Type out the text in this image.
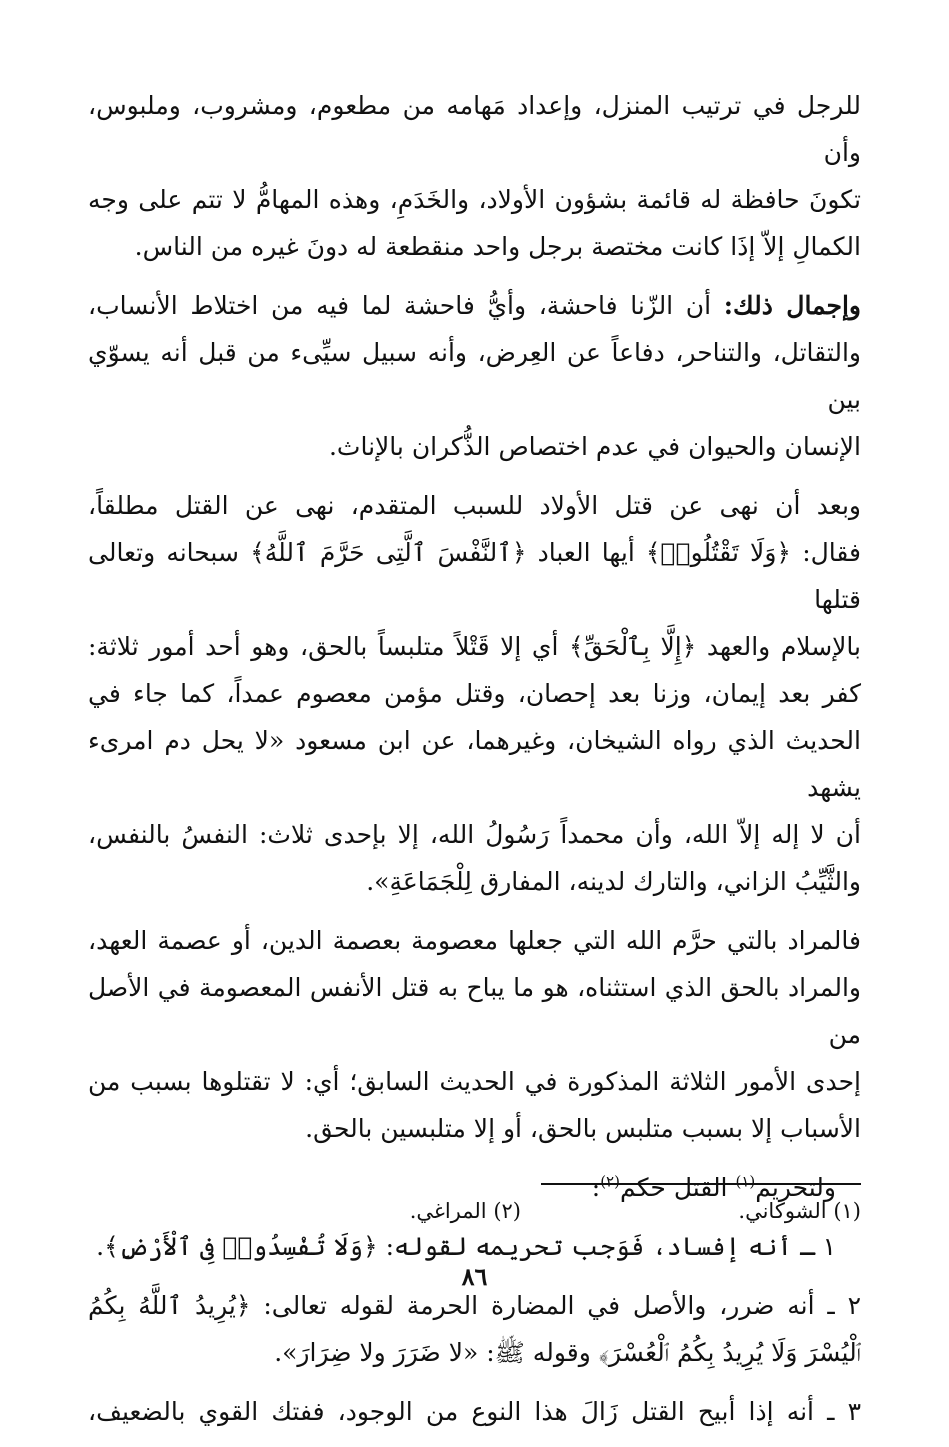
للرجل في ترتيب المنزل، وإعداد مَهامه من مطعوم، ومشروب، وملبوس، وأن
تكونَ حافظة له قائمة بشؤون الأولاد، والخَدَمِ، وهذه المهامُّ لا تتم على وجه
الكمالِ إلاّ إذَا كانت مختصة برجل واحد منقطعة له دونَ غيره من الناس.

وإجمال ذلك: أن الزّنا فاحشة، وأيُّ فاحشة لما فيه من اختلاط الأنساب،
والتقاتل، والتناحر، دفاعاً عن العِرض، وأنه سبيل سيِّىء من قبل أنه يسوّي بين
الإنسان والحيوان في عدم اختصاص الذُّكران بالإناث.

وبعد أن نهى عن قتل الأولاد للسبب المتقدم، نهى عن القتل مطلقاً،
فقال: ﴿وَلَا تَقْتُلُوا۟﴾ أيها العباد ﴿ٱلنَّفْسَ ٱلَّتِى حَرَّمَ ٱللَّهُ﴾ سبحانه وتعالى قتلها
بالإسلام والعهد ﴿إِلَّا بِٱلْحَقِّ﴾ أي إلا قَتْلاً متلبساً بالحق، وهو أحد أمور ثلاثة:
كفر بعد إيمان، وزنا بعد إحصان، وقتل مؤمن معصوم عمداً، كما جاء في
الحديث الذي رواه الشيخان، وغيرهما، عن ابن مسعود «لا يحل دم امرىء يشهد
أن لا إله إلاّ الله، وأن محمداً رَسُولُ الله، إلا بإحدى ثلاث: النفسُ بالنفس،
والثَّيِّبُ الزاني، والتارك لدينه، المفارق لِلْجَمَاعَةِ».

فالمراد بالتي حرَّم الله التي جعلها معصومة بعصمة الدين، أو عصمة العهد،
والمراد بالحق الذي استثناه، هو ما يباح به قتل الأنفس المعصومة في الأصل من
إحدى الأمور الثلاثة المذكورة في الحديث السابق؛ أي: لا تقتلوها بسبب من
الأسباب إلا بسبب متلبس بالحق، أو إلا متلبسين بالحق.

 ولتحريم$^{(١)}$ القتل حكم$^{(٢)}$:

 ١ ـ أنه إفساد، فَوَجب تحريمه لقوله: ﴿وَلَا تُفْسِدُوا۟ فِى ٱلْأَرْضِ﴾.

٢ ـ أنه ضرر، والأصل في المضارة الحرمة لقوله تعالى: ﴿يُرِيدُ ٱللَّهُ بِكُمُ
ٱلْيُسْرَ وَلَا يُرِيدُ بِكُمُ ٱلْعُسْرَ﴾ وقوله ﷺ: «لا ضَرَرَ ولا ضِرَارَ».

٣ ـ أنه إذا أبيح القتل زَالَ هذا النوع من الوجود، ففتك القوي بالضعيف،

(١) الشوكاني.
(٢) المراغي.
٨٦
